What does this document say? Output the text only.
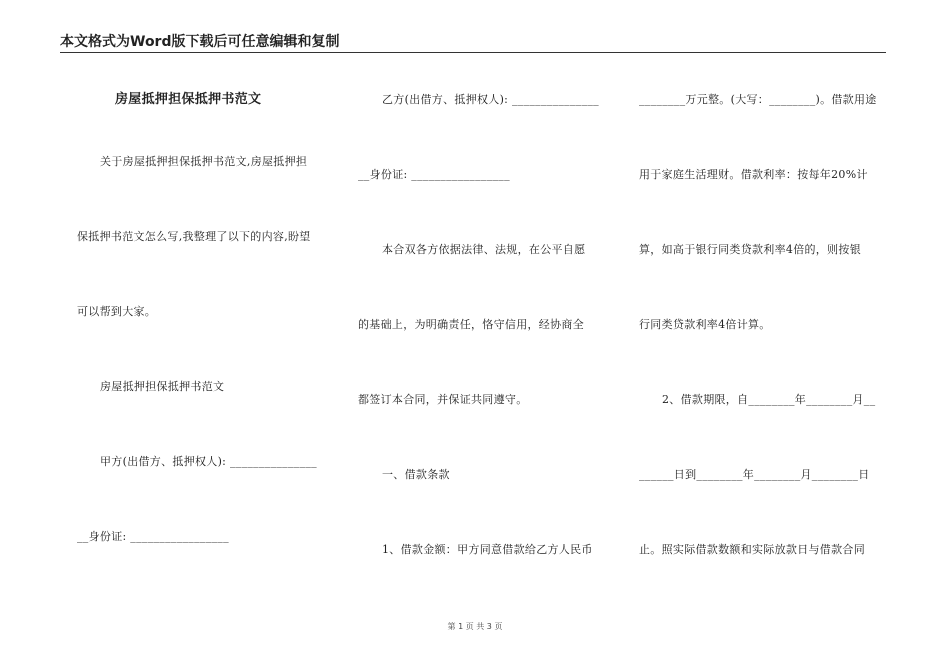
本文格式为Word版下载后可任意编辑和复制
房屋抵押担保抵押书范文
关于房屋抵押担保抵押书范文,房屋抵押担
保抵押书范文怎么写,我整理了以下的内容,盼望
可以帮到大家。
房屋抵押担保抵押书范文
甲方(出借方、抵押权人): _______________
__身份证: _________________
乙方(出借方、抵押权人): _______________
__身份证: _________________
本合双各方依据法律、法规，在公平自愿
的基础上，为明确责任，恪守信用，经协商全
都签订本合同，并保证共同遵守。
一、借款条款
1、借款金额：甲方同意借款给乙方人民币
________万元整。(大写：________)。借款用途
用于家庭生活理财。借款利率：按每年20%计
算，如高于银行同类贷款利率4倍的，则按银
行同类贷款利率4倍计算。
2、借款期限，自________年________月__
______日到________年________月________日
止。照实际借款数额和实际放款日与借款合同
第 1 页 共 3 页
